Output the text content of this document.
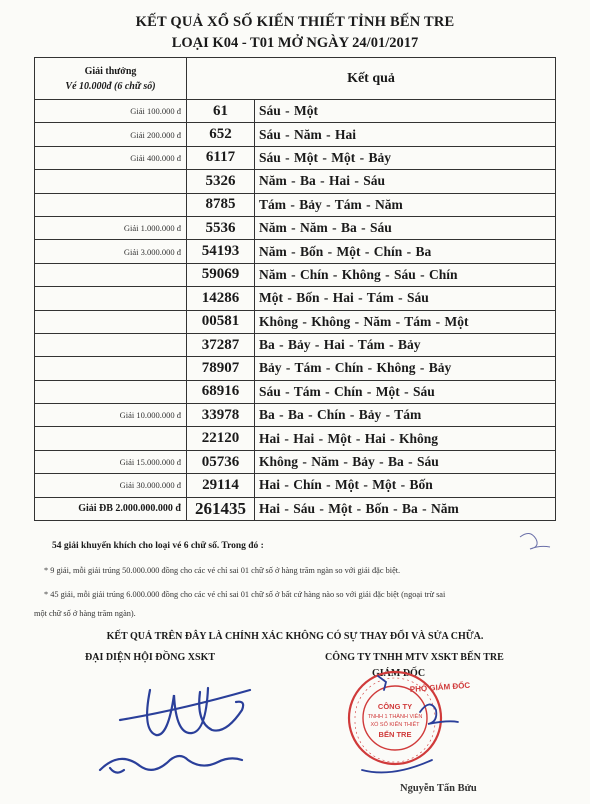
KẾT QUẢ XỔ SỐ KIẾN THIẾT TỈNH BẾN TRE
LOẠI K04 - T01 MỞ NGÀY 24/01/2017
Giải thưởng
Vé 10.000đ (6 chữ số)	Kết quả	
Giải 100.000 đ	61	Sáu - Một
Giải 200.000 đ	652	Sáu - Năm - Hai
Giải 400.000 đ	6117	Sáu - Một - Một - Bảy
	5326	Năm - Ba - Hai - Sáu
	8785	Tám - Bảy - Tám - Năm
Giải 1.000.000 đ	5536	Năm - Năm - Ba - Sáu
Giải 3.000.000 đ	54193	Năm - Bốn - Một - Chín - Ba
	59069	Năm - Chín - Không - Sáu - Chín
	14286	Một - Bốn - Hai - Tám - Sáu
	00581	Không - Không - Năm - Tám - Một
	37287	Ba - Bảy - Hai - Tám - Bảy
	78907	Bảy - Tám - Chín - Không - Bảy
	68916	Sáu - Tám - Chín - Một - Sáu
Giải 10.000.000 đ	33978	Ba - Ba - Chín - Bảy - Tám
	22120	Hai - Hai - Một - Hai - Không
Giải 15.000.000 đ	05736	Không - Năm - Bảy - Ba - Sáu
Giải 30.000.000 đ	29114	Hai - Chín - Một - Một - Bốn
Giải ĐB 2.000.000.000 đ	261435	Hai - Sáu - Một - Bốn - Ba - Năm
54 giải khuyến khích cho loại vé 6 chữ số. Trong đó :
* 9 giải, mỗi giải trúng 50.000.000 đồng cho các vé chỉ sai 01 chữ số ở hàng trăm ngàn so với giải đặc biệt.
* 45 giải, mỗi giải trúng 6.000.000 đồng cho các vé chỉ sai 01 chữ số ở bất cứ hàng nào so với giải đặc biệt (ngoại trừ sai
một chữ số ở hàng trăm ngàn).
KẾT QUẢ TRÊN ĐÂY LÀ CHÍNH XÁC KHÔNG CÓ SỰ THAY ĐỔI VÀ SỬA CHỮA.
ĐẠI DIỆN HỘI ĐỒNG XSKT	CÔNG TY TNHH MTV XSKT BẾN TRE
GIÁM ĐỐC
Nguyễn Tấn Bửu
CÔNG TY
TNHH 1 THÀNH VIÊN
XỔ SỐ KIẾN THIẾT
BẾN TRE
PHÓ GIÁM ĐỐC
